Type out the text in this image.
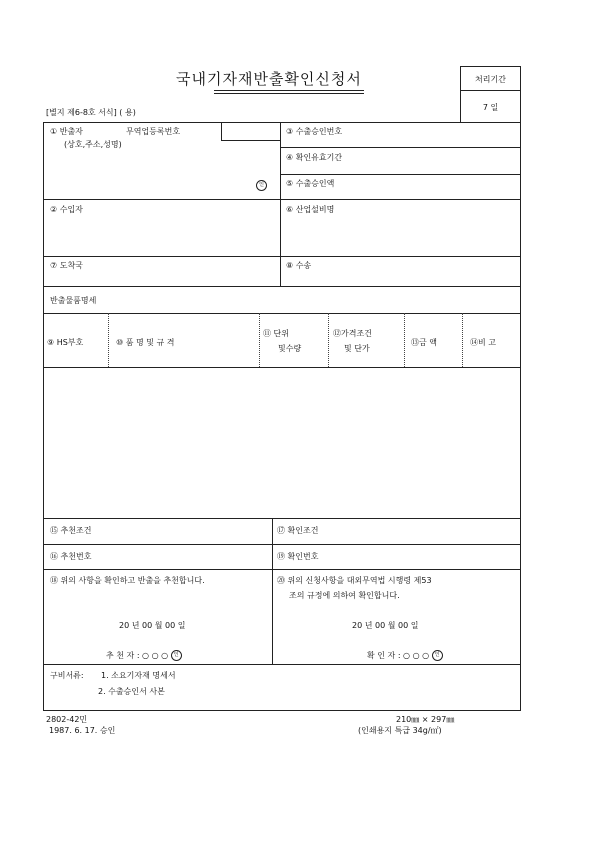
국내기자재반출확인신청서	처리기간
7 일
[별지 제6-8호 서식] ( 용)
① 반출자	무역업등록번호
(상호,주소,성명)
인
③ 수출승인번호
④ 확인유효기간
⑤ 수출승인액
② 수입자	⑥ 산업설비명
⑦ 도착국	⑧ 수송
반출물품명세
⑨ HS부호	⑩ 품 명 및 규 격
⑪ 단위
및수량
⑫가격조건
및 단가
⑬금 액	⑭비 고
⑮ 추천조건	⑰ 확인조건
⑯ 추천번호	⑲ 확인번호
⑱ 위의 사항을 확인하고 반출을 추천합니다.
20 년 00 월 00 일
추 천 자 : ○ ○ ○ 인
⑳ 위의 신청사항을 대외무역법 시행령 제53
조의 규정에 의하여 확인합니다.
20 년 00 월 00 일
확 인 자 : ○ ○ ○ 인
구비서류: 1. 소요기자재 명세서
2. 수출승인서 사본
2802-42민
1987. 6. 17. 승인
210㎜ × 297㎜
(인쇄용지 특급 34g/㎡)
